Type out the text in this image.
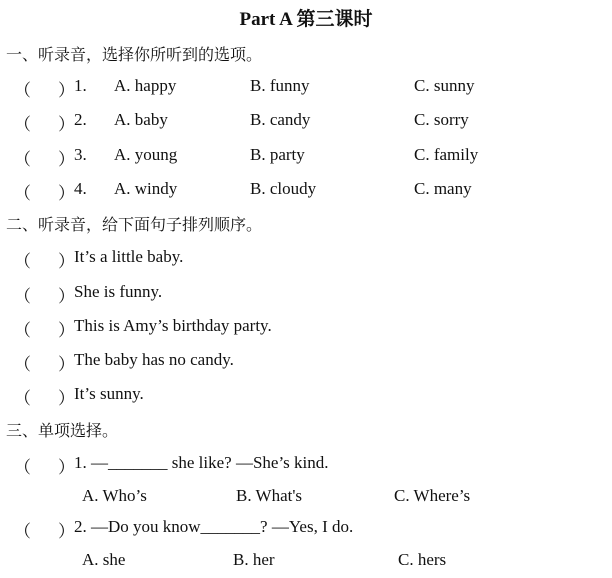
Part A 第三课时
一、听录音，选择你所听到的选项。
（ ） 1. A. happy	B. funny	C. sunny
（ ） 2. A. baby	B. candy	C. sorry
（ ） 3. A. young	B. party	C. family
（ ） 4. A. windy	B. cloudy	C. many
二、听录音，给下面句子排列顺序。
（ ） It’s a little baby.
（ ） She is funny.
（ ） This is Amy’s birthday party.
（ ） The baby has no candy.
（ ） It’s sunny.
三、单项选择。
（ ） 1. —_______ she like? —She’s kind.
A. Who’s	B. What's	C. Where’s
（ ） 2. —Do you know_______? —Yes, I do.
A. she	B. her	C. hers
